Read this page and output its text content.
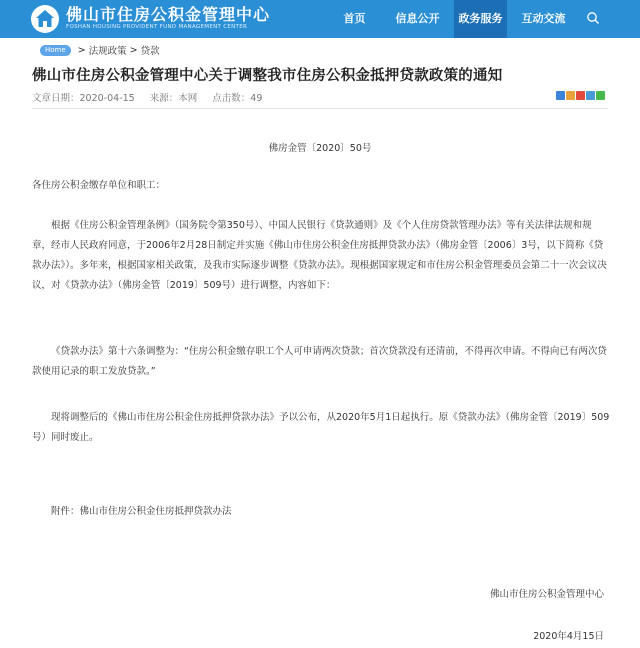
佛山市住房公积金管理中心
FOSHAN HOUSING PROVIDENT FUND MANAGEMENT CENTER
首页	信息公开	政务服务	互动交流
Home	> 法规政策 > 贷款
佛山市住房公积金管理中心关于调整我市住房公积金抵押贷款政策的通知
文章日期：2020-04-15 来源：本网 点击数：49
佛房金管〔2020〕50号
各住房公积金缴存单位和职工：
根据《住房公积金管理条例》（国务院令第350号）、中国人民银行《贷款通则》及《个人住房贷款管理办法》等有关法律法规和规章，经市人民政府同意，于2006年2月28日制定并实施《佛山市住房公积金住房抵押贷款办法》（佛房金管〔2006〕3号，以下简称《贷款办法》）。多年来，根据国家相关政策，及我市实际逐步调整《贷款办法》。现根据国家规定和市住房公积金管理委员会第二十一次会议决议，对《贷款办法》（佛房金管〔2019〕509号）进行调整，内容如下：
《贷款办法》第十六条调整为：“住房公积金缴存职工个人可申请两次贷款；首次贷款没有还清前，不得再次申请。不得向已有两次贷款使用记录的职工发放贷款。”
现将调整后的《佛山市住房公积金住房抵押贷款办法》予以公布，从2020年5月1日起执行。原《贷款办法》（佛房金管〔2019〕509号）同时废止。
附件：佛山市住房公积金住房抵押贷款办法
佛山市住房公积金管理中心
2020年4月15日
